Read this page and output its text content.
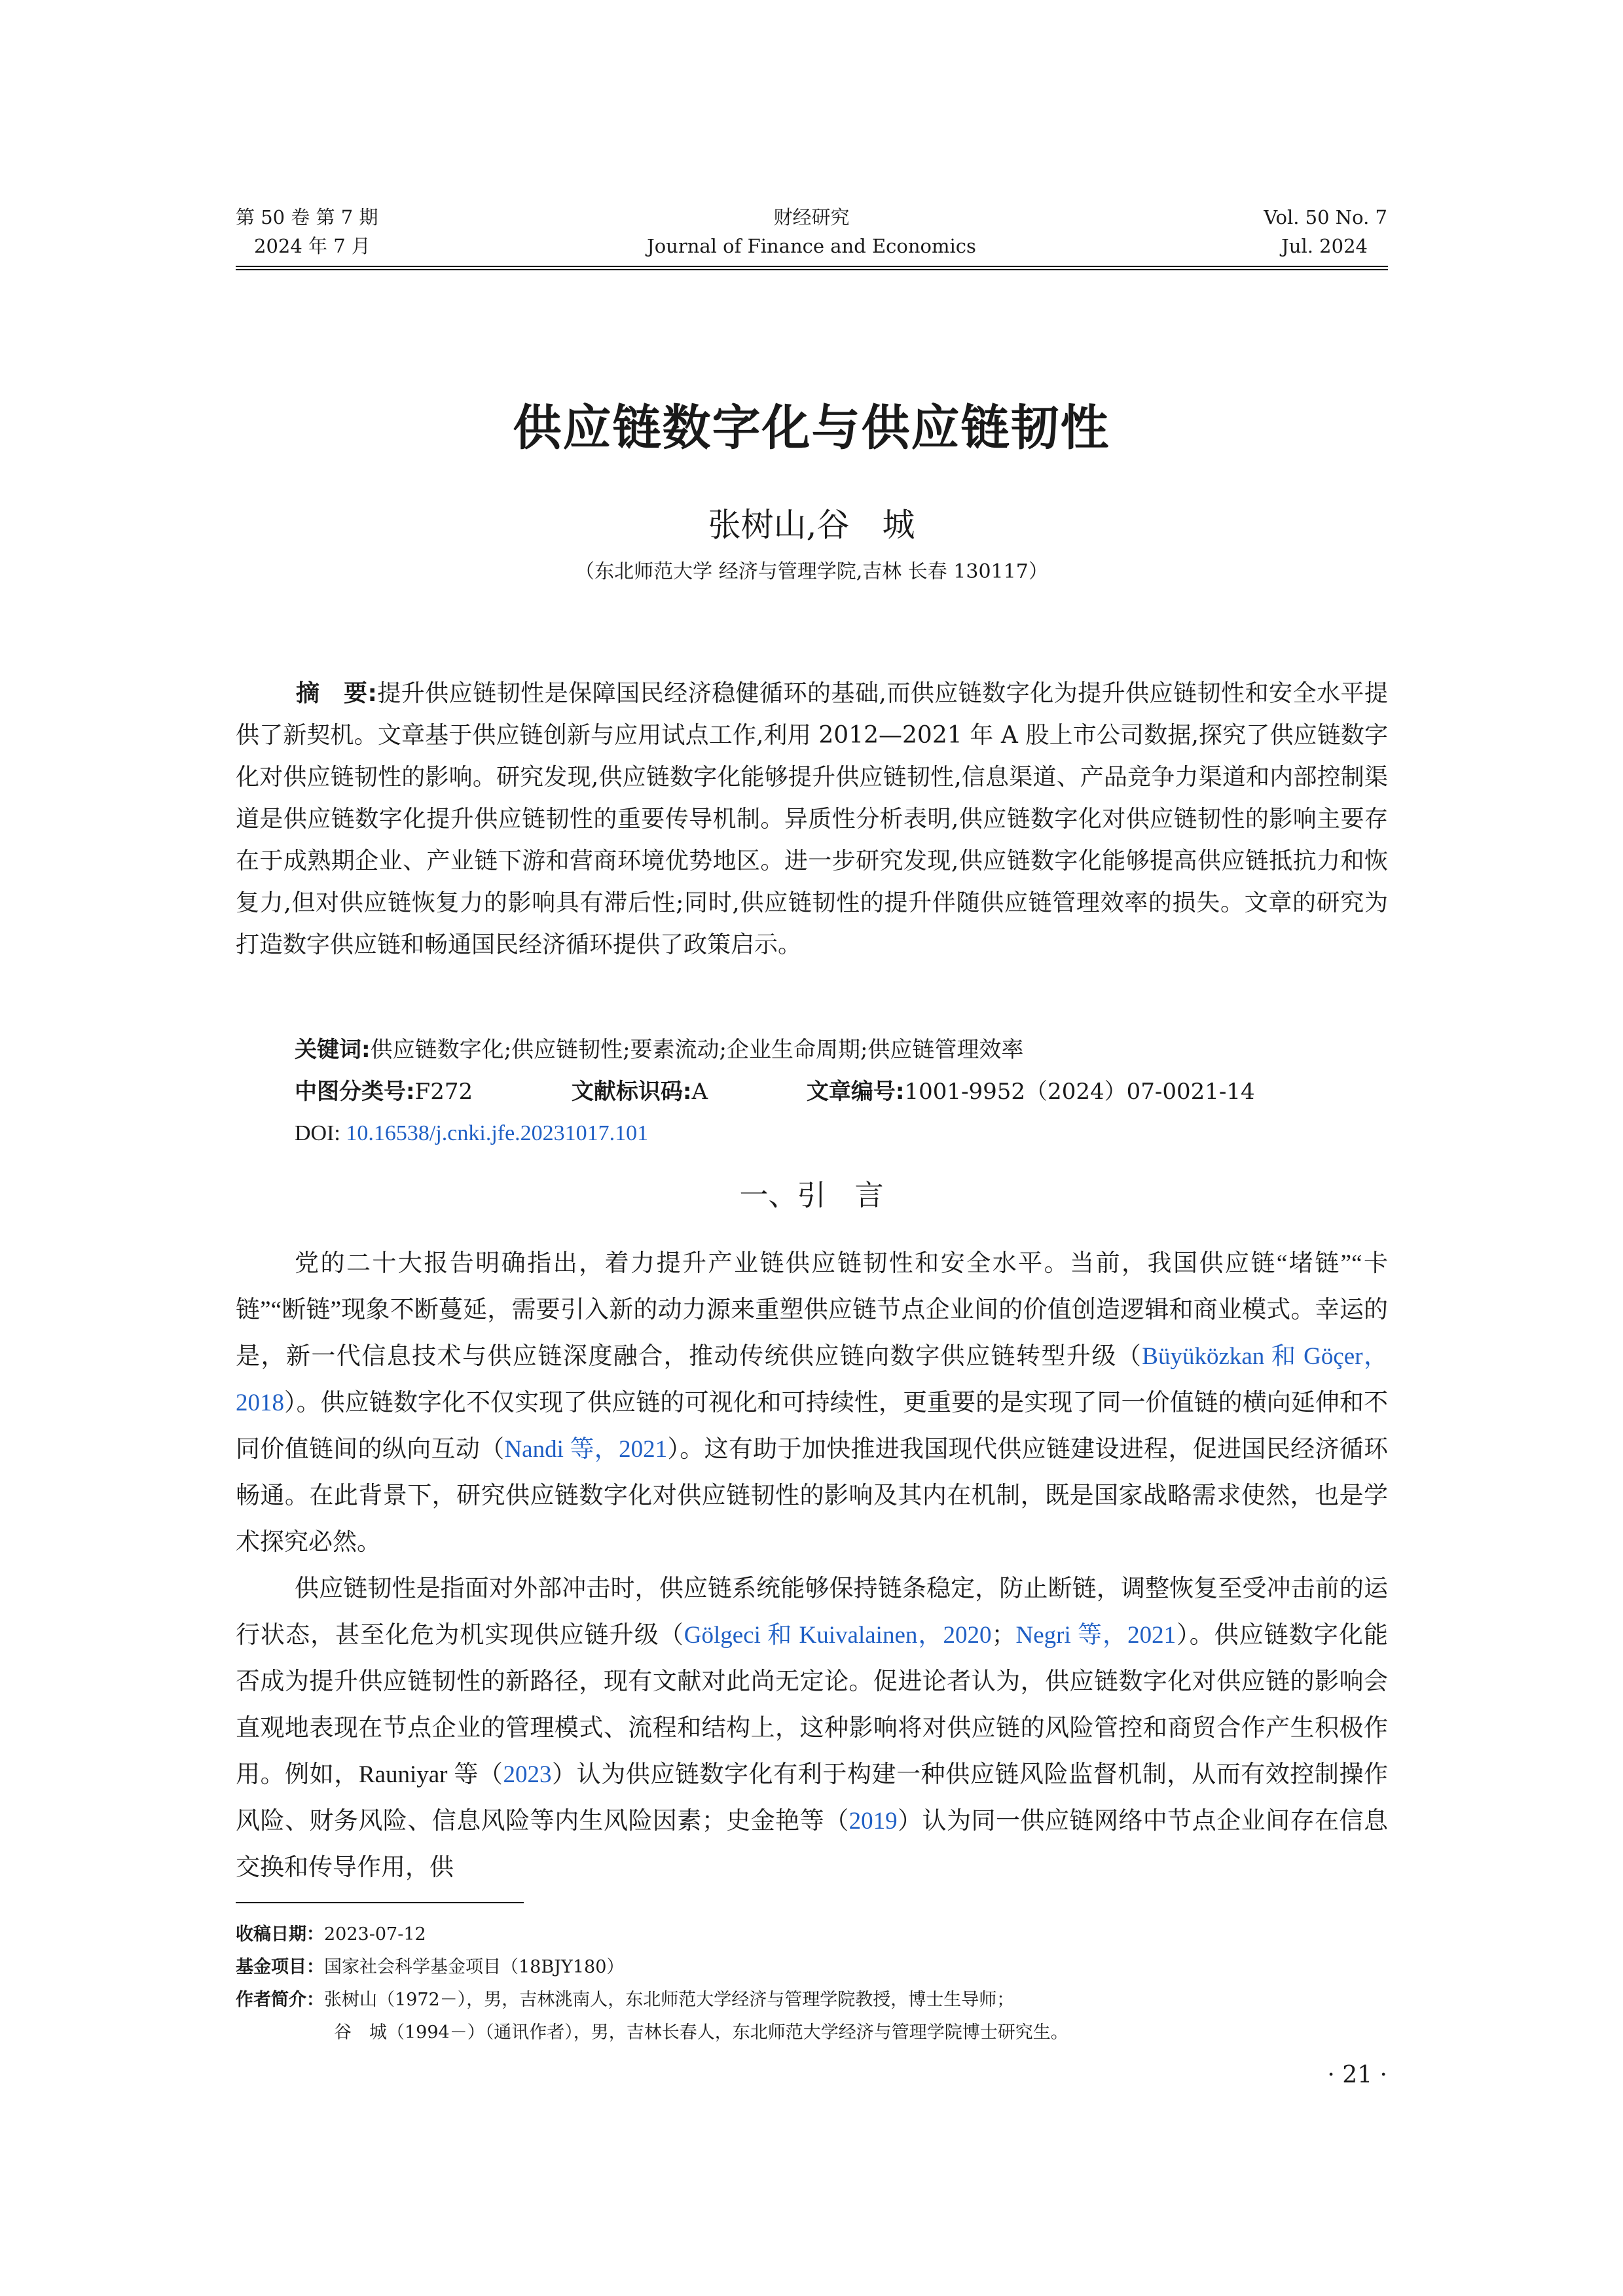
第 50 卷 第 7 期
2024 年 7 月
财经研究
Journal of Finance and Economics
Vol. 50 No. 7
Jul. 2024
供应链数字化与供应链韧性
张树山,谷　城
（东北师范大学 经济与管理学院,吉林 长春 130117）
摘　要:提升供应链韧性是保障国民经济稳健循环的基础,而供应链数字化为提升供应链韧性和安全水平提供了新契机。文章基于供应链创新与应用试点工作,利用 2012—2021 年 A 股上市公司数据,探究了供应链数字化对供应链韧性的影响。研究发现,供应链数字化能够提升供应链韧性,信息渠道、产品竞争力渠道和内部控制渠道是供应链数字化提升供应链韧性的重要传导机制。异质性分析表明,供应链数字化对供应链韧性的影响主要存在于成熟期企业、产业链下游和营商环境优势地区。进一步研究发现,供应链数字化能够提高供应链抵抗力和恢复力,但对供应链恢复力的影响具有滞后性;同时,供应链韧性的提升伴随供应链管理效率的损失。文章的研究为打造数字供应链和畅通国民经济循环提供了政策启示。
关键词:供应链数字化;供应链韧性;要素流动;企业生命周期;供应链管理效率
中图分类号:F272	文献标识码:A	文章编号:1001-9952（2024）07-0021-14
DOI: 10.16538/j.cnki.jfe.20231017.101
一、引　言
党的二十大报告明确指出，着力提升产业链供应链韧性和安全水平。当前，我国供应链“堵链”“卡链”“断链”现象不断蔓延，需要引入新的动力源来重塑供应链节点企业间的价值创造逻辑和商业模式。幸运的是，新一代信息技术与供应链深度融合，推动传统供应链向数字供应链转型升级（Büyüközkan 和 Göçer，2018）。供应链数字化不仅实现了供应链的可视化和可持续性，更重要的是实现了同一价值链的横向延伸和不同价值链间的纵向互动（Nandi 等，2021）。这有助于加快推进我国现代供应链建设进程，促进国民经济循环畅通。在此背景下，研究供应链数字化对供应链韧性的影响及其内在机制，既是国家战略需求使然，也是学术探究必然。
供应链韧性是指面对外部冲击时，供应链系统能够保持链条稳定，防止断链，调整恢复至受冲击前的运行状态，甚至化危为机实现供应链升级（Gölgeci 和 Kuivalainen，2020；Negri 等，2021）。供应链数字化能否成为提升供应链韧性的新路径，现有文献对此尚无定论。促进论者认为，供应链数字化对供应链的影响会直观地表现在节点企业的管理模式、流程和结构上，这种影响将对供应链的风险管控和商贸合作产生积极作用。例如，Rauniyar 等（2023）认为供应链数字化有利于构建一种供应链风险监督机制，从而有效控制操作风险、财务风险、信息风险等内生风险因素；史金艳等（2019）认为同一供应链网络中节点企业间存在信息交换和传导作用，供
收稿日期：2023-07-12
基金项目：国家社会科学基金项目（18BJY180）
作者简介：张树山（1972－），男，吉林洮南人，东北师范大学经济与管理学院教授，博士生导师；
谷　城（1994－）（通讯作者），男，吉林长春人，东北师范大学经济与管理学院博士研究生。
· 21 ·
